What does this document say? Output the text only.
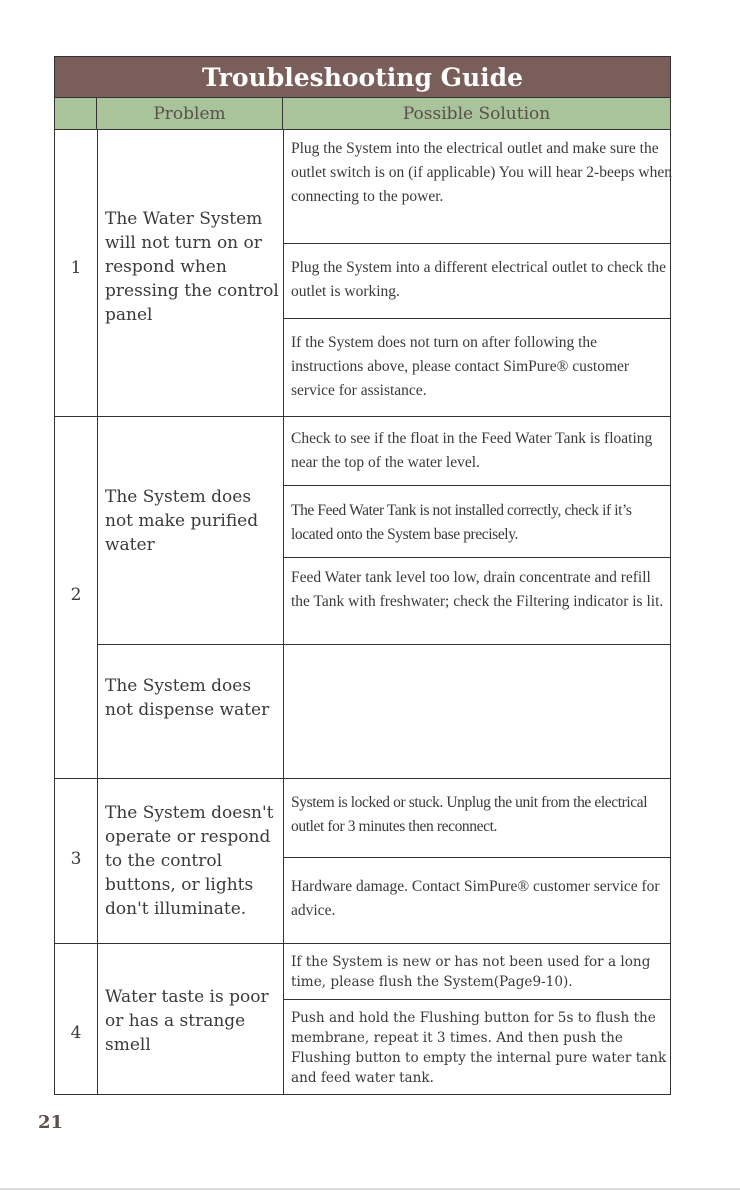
Troubleshooting Guide
Problem	Possible Solution
1
The Water System will not turn on or respond when pressing the control panel
Plug the System into the electrical outlet and make sure the outlet switch is on (if applicable) You will hear 2-beeps when connecting to the power.
Plug the System into a different electrical outlet to check the outlet is working.
If the System does not turn on after following the instructions above, please contact SimPure® customer service for assistance.
2
The System does not make purified water
The System does not dispense water
Check to see if the float in the Feed Water Tank is floating near the top of the water level.
The Feed Water Tank is not installed correctly, check if it’s located onto the System base precisely.
Feed Water tank level too low, drain concentrate and refill the Tank with freshwater; check the Filtering indicator is lit.
3
The System doesn't operate or respond to the control buttons, or lights don't illuminate.
System is locked or stuck. Unplug the unit from the electrical outlet for 3 minutes then reconnect.
Hardware damage. Contact SimPure® customer service for advice.
4
Water taste is poor or has a strange smell
If the System is new or has not been used for a long time, please flush the System(Page9-10).
Push and hold the Flushing button for 5s to flush the membrane, repeat it 3 times. And then push the Flushing button to empty the internal pure water tank and feed water tank.
21
